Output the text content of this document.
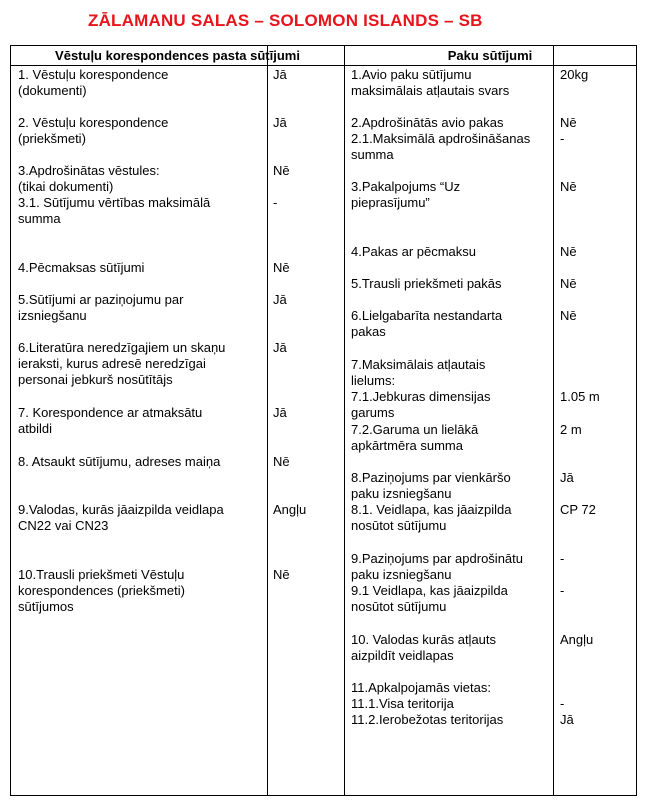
ZĀLAMANU SALAS – SOLOMON ISLANDS – SB
Vēstuļu korespondences pasta sūtījumi	Paku sūtījumi
1. Vēstuļu korespondence
(dokumenti)
Jā
2. Vēstuļu korespondence
(priekšmeti)
Jā
3.Apdrošinātas vēstules:
(tikai dokumenti)
Nē
3.1. Sūtījumu vērtības maksimālā
summa
-
4.Pēcmaksas sūtījumi	Nē
5.Sūtījumi ar paziņojumu par
izsniegšanu
Jā
6.Literatūra neredzīgajiem un skaņu
ieraksti, kurus adresē neredzīgai
personai jebkurš nosūtītājs
Jā
7. Korespondence ar atmaksātu
atbildi
Jā
8. Atsaukt sūtījumu, adreses maiņa	Nē
9.Valodas, kurās jāaizpilda veidlapa
CN22 vai CN23
Angļu
10.Trausli priekšmeti Vēstuļu
korespondences (priekšmeti)
sūtījumos
Nē
1.Avio paku sūtījumu
maksimālais atļautais svars
20kg
2.Apdrošinātās avio pakas	Nē
2.1.Maksimālā apdrošināšanas
summa
-
3.Pakalpojums “Uz
pieprasījumu”
Nē
4.Pakas ar pēcmaksu	Nē
5.Trausli priekšmeti pakās	Nē
6.Lielgabarīta nestandarta
pakas
Nē
7.Maksimālais atļautais
lielums:
7.1.Jebkuras dimensijas
garums
1.05 m
7.2.Garuma un lielākā
apkārtmēra summa
2 m
8.Paziņojums par vienkāršo
paku izsniegšanu
Jā
8.1. Veidlapa, kas jāaizpilda
nosūtot sūtījumu
CP 72
9.Paziņojums par apdrošinātu
paku izsniegšanu
-
9.1 Veidlapa, kas jāaizpilda
nosūtot sūtījumu
-
10. Valodas kurās atļauts
aizpildīt veidlapas
Angļu
11.Apkalpojamās vietas:
11.1.Visa teritorija	-
11.2.Ierobežotas teritorijas	Jā
